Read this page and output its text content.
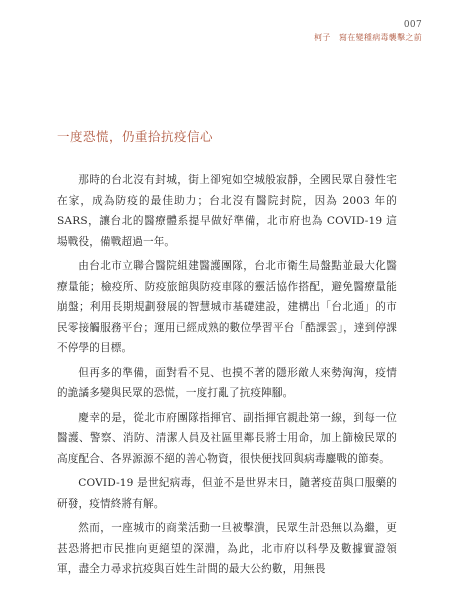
007
柯子　寫在變種病毒襲擊之前
一度恐慌，仍重拾抗疫信心

那時的台北沒有封城，街上卻宛如空城般寂靜，全國民眾自發性宅在家，成為防疫的最佳助力；台北沒有醫院封院，因為 2003 年的 SARS，讓台北的醫療體系提早做好準備，北市府也為 COVID-19 這場戰役，備戰超過一年。

由台北市立聯合醫院組建醫護團隊，台北市衛生局盤點並最大化醫療量能；檢疫所、防疫旅館與防疫車隊的靈活協作搭配，避免醫療量能崩盤；利用長期規劃發展的智慧城市基礎建設，建構出「台北通」的市民零接觸服務平台；運用已經成熟的數位學習平台「酷課雲」，達到停課不停學的目標。

但再多的準備，面對看不見、也摸不著的隱形敵人來勢洶洶，疫情的詭譎多變與民眾的恐慌，一度打亂了抗疫陣腳。

慶幸的是，從北市府團隊指揮官、副指揮官親赴第一線，到每一位醫護、警察、消防、清潔人員及社區里鄰長將士用命，加上篩檢民眾的高度配合、各界源源不絕的善心物資，很快便找回與病毒鏖戰的節奏。

COVID-19 是世紀病毒，但並不是世界末日，隨著疫苗與口服藥的研發，疫情終將有解。

然而，一座城市的商業活動一旦被擊潰，民眾生計恐無以為繼，更甚恐將把市民推向更絕望的深淵，為此，北市府以科學及數據實證領軍，盡全力尋求抗疫與百姓生計間的最大公約數，用無畏
